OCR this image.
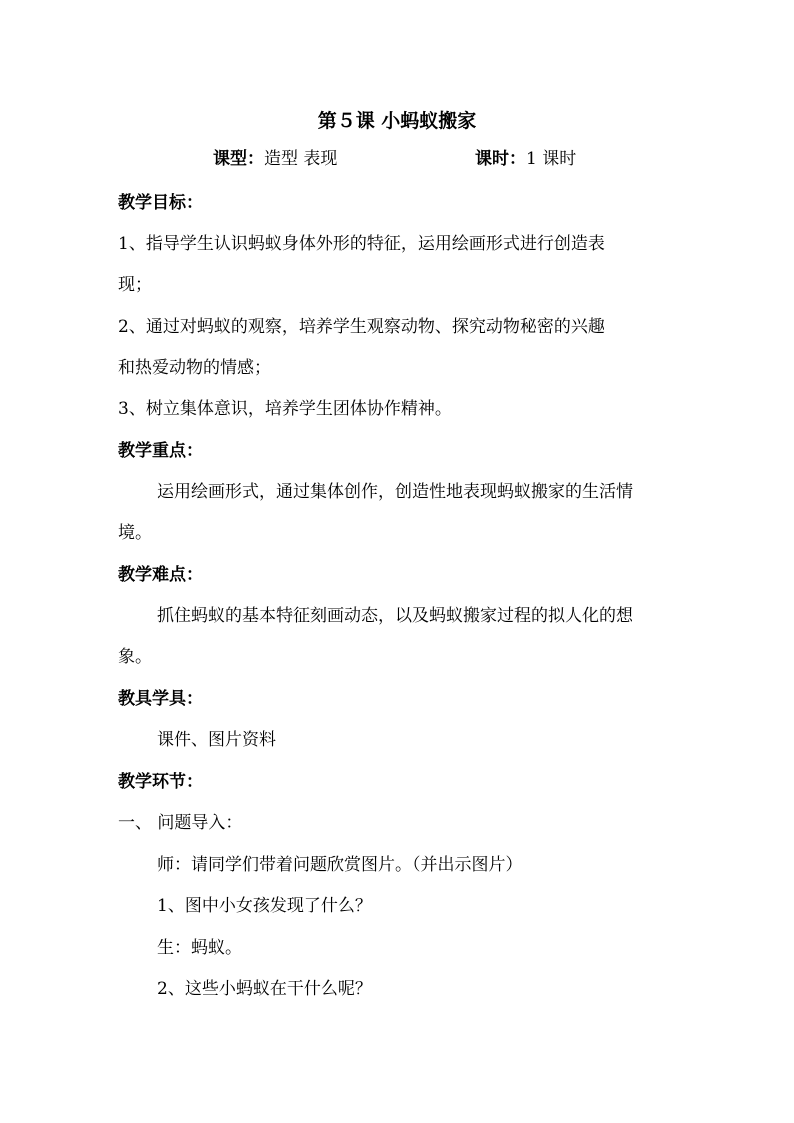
第５课 小蚂蚁搬家
课型：造型 表现	课时：1 课时
教学目标：
1、指导学生认识蚂蚁身体外形的特征，运用绘画形式进行创造表
现；
2、通过对蚂蚁的观察，培养学生观察动物、探究动物秘密的兴趣
和热爱动物的情感；
3、树立集体意识，培养学生团体协作精神。
教学重点：
运用绘画形式，通过集体创作，创造性地表现蚂蚁搬家的生活情
境。
教学难点：
抓住蚂蚁的基本特征刻画动态，以及蚂蚁搬家过程的拟人化的想
象。
教具学具：
课件、图片资料
教学环节：
一、 问题导入：
师：请同学们带着问题欣赏图片。（并出示图片）
1、图中小女孩发现了什么？
生：蚂蚁。
2、这些小蚂蚁在干什么呢？
